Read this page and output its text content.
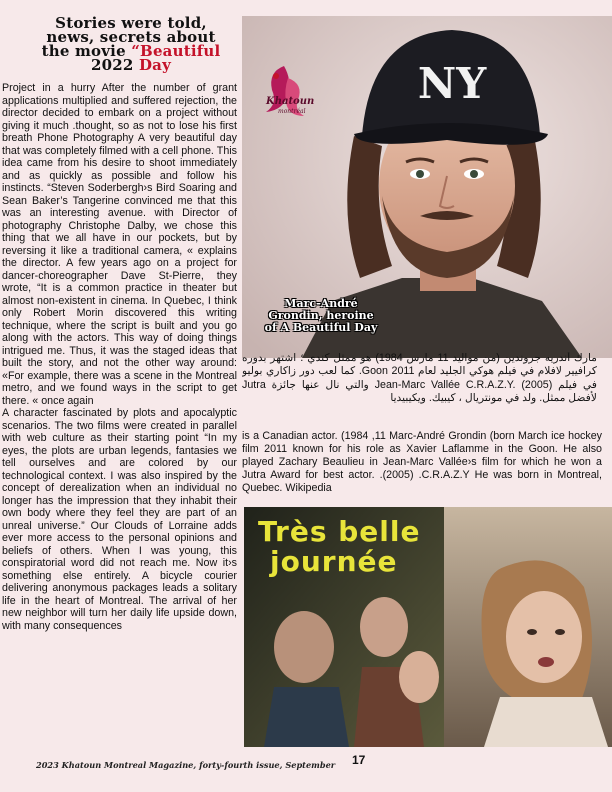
Stories were told,
news, secrets about
the movie “Beautiful
2022 Day

Project in a hurry After the number of grant applications multiplied and suffered rejection, the director decided to embark on a project without giving it much .thought, so as not to lose his first breath Phone Photography A very beautiful day that was completely filmed with a cell phone. This idea came from his desire to shoot immediately and as quickly as possible and follow his instincts. “Steven Soderbergh›s Bird Soaring and Sean Baker’s Tangerine convinced me that this was an interesting avenue. with Director of photography Christophe Dalby, we chose this thing that we all have in our pockets, but by reversing it like a traditional camera, « explains the director. A few years ago on a project for dancer-choreographer Dave St-Pierre, they wrote, “It is a common practice in theater but almost non-existent in cinema. In Quebec, I think only Robert Morin discovered this writing technique, where the script is built and you go along with the actors. This way of doing things intrigued me. Thus, it was the staged ideas that built the story, and not the other way around: «For example, there was a scene in the Montreal metro, and we found ways in the script to get there. « once again

A character fascinated by plots and apocalyptic scenarios. The two films were created in parallel with web culture as their starting point “In my eyes, the plots are urban legends, fantasies we tell ourselves and are colored by our technological context. I was also inspired by the concept of derealization when an individual no longer has the impression that they inhabit their own body where they feel they are part of an unreal universe.” Our Clouds of Lorraine adds ever more access to the personal opinions and beliefs of others. When I was young, this conspiratorial word did not reach me. Now it›s something else entirely. A bicycle courier delivering anonymous packages leads a solitary life in the heart of Montreal. The arrival of her new neighbor will turn her daily life upside down, with many consequences

NY
Khatoun
montréal
Marc-André Grondin, heroine of A Beautiful Day
مارك أندريه جروندين (من مواليد 11 مارس 1984) هو ممثل كندي ؛ اشتهر بدوره كرافيير لافلام في فيلم هوكي الجليد لعام 2011 Goon. كما لعب دور زاكاري بوليو في فيلم Jean-Marc Vallée C.R.A.Z.Y. (2005) والتي نال عنها جائزة Jutra لأفضل ممثل. ولد في مونتريال ، كيبيك. ويكيبيديا
is a Canadian actor. (1984 ,11 Marc-André Grondin (born March ice hockey film 2011 known for his role as Xavier Laflamme in the Goon. He also played Zachary Beaulieu in Jean-Marc Vallée›s film for which he won a Jutra Award for best actor. .(2005) .C.R.A.Z.Y He was born in Montreal, Quebec. Wikipedia
Très belle
journée
2023 Khatoun Montreal Magazine, forty-fourth issue, September 17
